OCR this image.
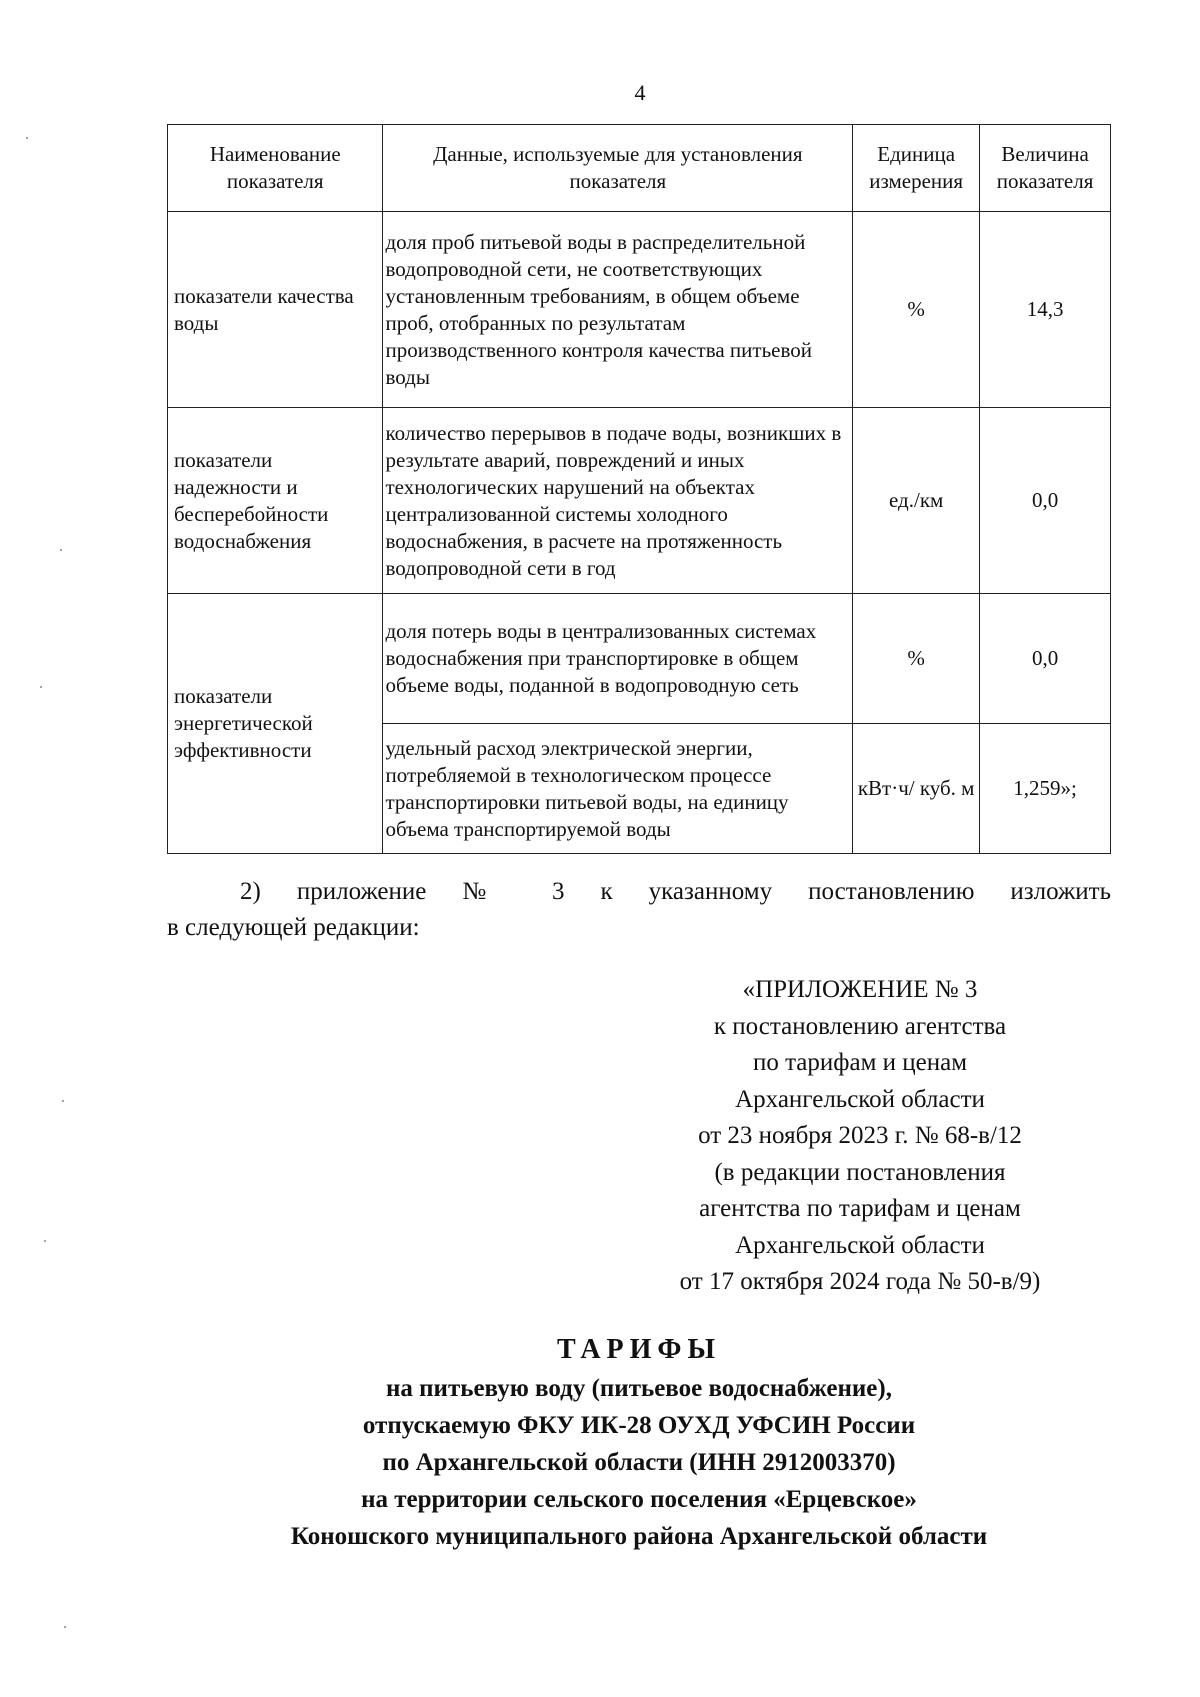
4
Наименование показателя	Данные, используемые для установления показателя	Единица измерения	Величина показателя
показатели качества воды	доля проб питьевой воды в распределительной водопроводной сети, не соответствующих установленным требованиям, в общем объеме проб, отобранных по результатам производственного контроля качества питьевой воды	%	14,3
показатели надежности и бесперебойности водоснабжения	количество перерывов в подаче воды, возникших в результате аварий, повреждений и иных технологических нарушений на объектах централизованной системы холодного водоснабжения, в расчете на протяженность водопроводной сети в год	ед./км	0,0
показатели энергетической эффективности	доля потерь воды в централизованных системах водоснабжения при транспортировке в общем объеме воды, поданной в водопроводную сеть	%	0,0
	удельный расход электрической энергии, потребляемой в технологическом процессе транспортировки питьевой воды, на единицу объема транспортируемой воды	кВт·ч/ куб. м	1,259»;
2) приложение № 3 к указанному постановлению изложить
в следующей редакции:
«ПРИЛОЖЕНИЕ № 3
к постановлению агентства
по тарифам и ценам
Архангельской области
от 23 ноября 2023 г. № 68-в/12
(в редакции постановления
агентства по тарифам и ценам
Архангельской области
от 17 октября 2024 года № 50-в/9)
ТАРИФЫ
на питьевую воду (питьевое водоснабжение),
отпускаемую ФКУ ИК-28 ОУХД УФСИН России
по Архангельской области (ИНН 2912003370)
на территории сельского поселения «Ерцевское»
Коношского муниципального района Архангельской области
